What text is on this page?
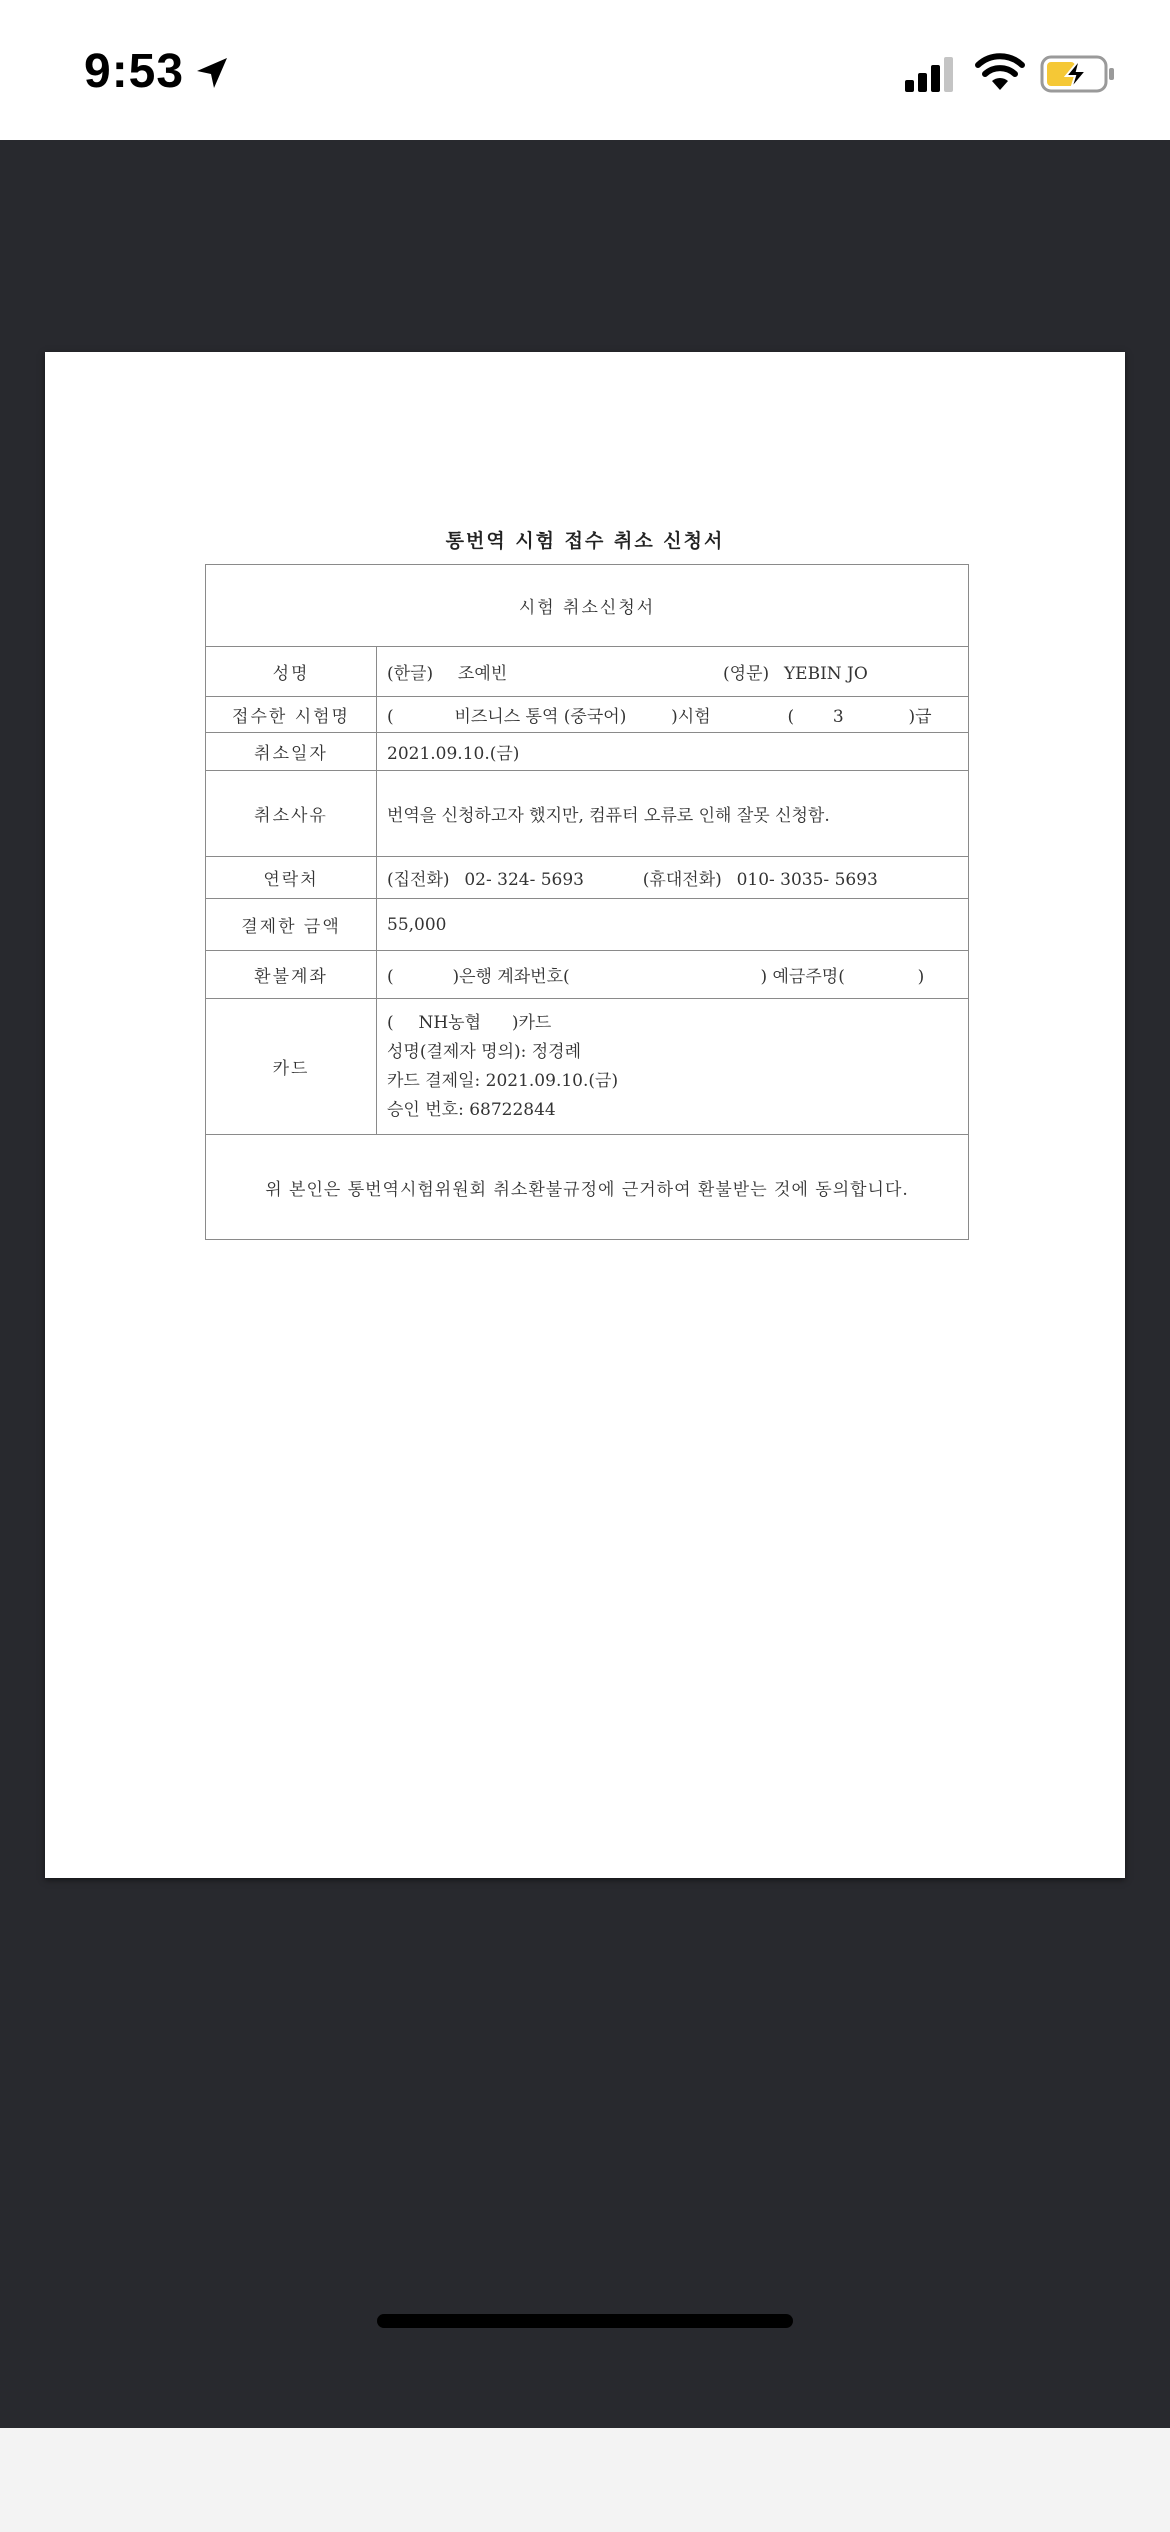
9:53
통번역 시험 접수 취소 신청서
시험 취소신청서	
성명	(한글) 조예빈 (영문) YEBIN JO
접수한 시험명	( 비즈니스 통역 (중국어) )시험 ( 3 )급
취소일자	2021.09.10.(금)
취소사유	번역을 신청하고자 했지만, 컴퓨터 오류로 인해 잘못 신청함.
연락처	(집전화) 02- 324- 5693 (휴대전화) 010- 3035- 5693
결제한 금액	55,000
환불계좌	( )은행 계좌번호( ) 예금주명( )
카드	( NH농협 )카드
성명(결제자 명의): 정경례
카드 결제일: 2021.09.10.(금)
승인 번호: 68722844

위 본인은 통번역시험위원회 취소환불규정에 근거하여 환불받는 것에 동의합니다.	
